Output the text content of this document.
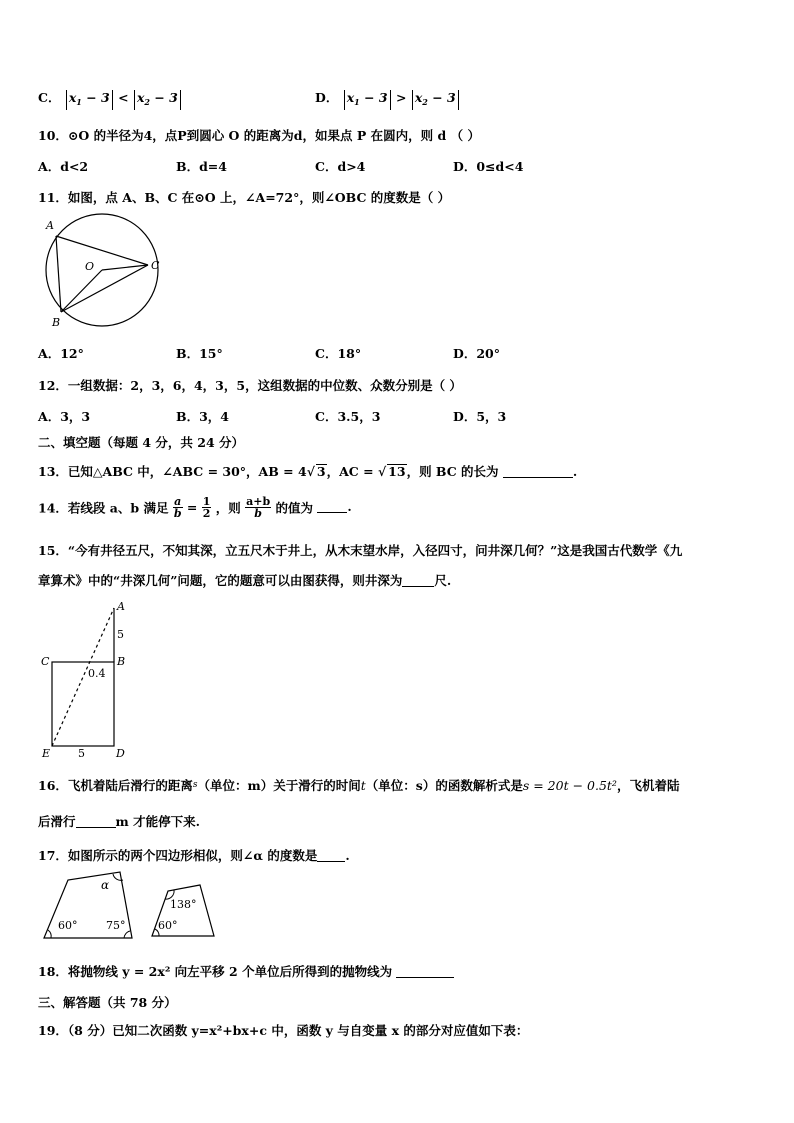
C． $x_1 - 3 < x_2 - 3$	D． $x_1 - 3 > x_2 - 3$
10．⊙O 的半径为4，点P到圆心 O 的距离为d，如果点 P 在圆内，则 d （ ）
A．d<2	B．d=4	C．d>4	D．0≤d<4
11．如图，点 A、B、C 在⊙O 上，∠A=72°，则∠OBC 的度数是（ ）
A
O	C
B
A．12°	B．15°	C．18°	D．20°
12．一组数据：2，3，6，4，3，5，这组数据的中位数、众数分别是（ ）
A．3，3	B．3，4	C．3.5，3	D．5，3
二、填空题（每题 4 分，共 24 分）
13．已知△ABC 中，∠ABC = 30°，AB = 4√ 3，AC = √ 13，则 BC 的长为	.
14．若线段 a、b 满足 $\frac{a}{b} = \frac{1}{2}$ ，则 $\frac{a+b}{b}$ 的值为	.
15．“今有井径五尺，不知其深，立五尺木于井上，从木末望水岸，入径四寸，问井深几何？”这是我国古代数学《九
章算术》中的“井深几何”问题，它的题意可以由图获得，则井深为	尺.
A
5
B
C
0.4
E	5	D
16．飞机着陆后滑行的距离$^s$（单位：m）关于滑行的时间t（单位：s）的函数解析式是s = 20t − 0.5t²，飞机着陆
后滑行	m 才能停下来.
17．如图所示的两个四边形相似，则∠α 的度数是 .
α
60°	75°
138°
60°
18．将抛物线 y = 2x² 向左平移 2 个单位后所得到的抛物线为
三、解答题（共 78 分）
19．（8 分）已知二次函数 y=x²+bx+c 中，函数 y 与自变量 x 的部分对应值如下表：
